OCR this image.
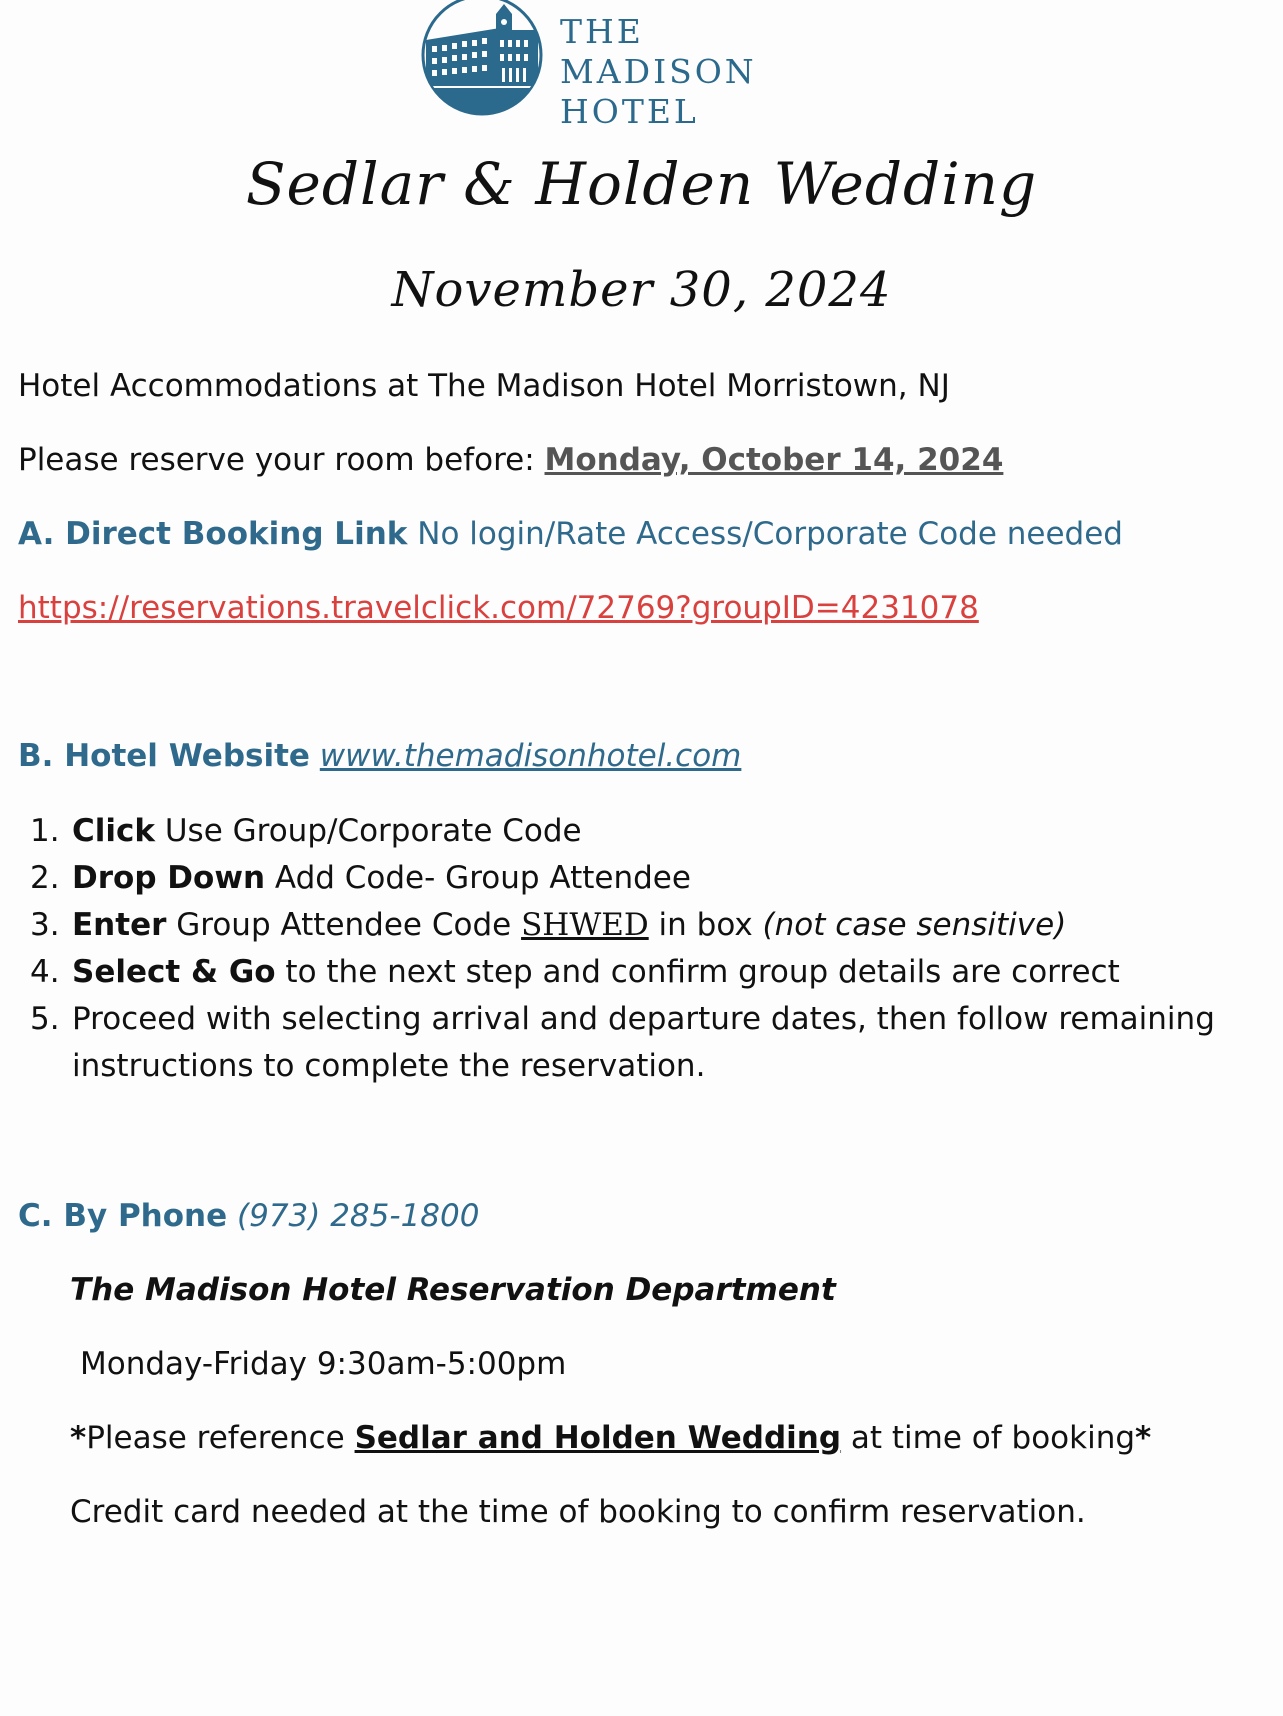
THE MADISON
HOTEL
Sedlar & Holden Wedding
November 30, 2024
Hotel Accommodations at The Madison Hotel Morristown, NJ
Please reserve your room before: Monday, October 14, 2024
A. Direct Booking Link No login/Rate Access/Corporate Code needed
https://reservations.travelclick.com/72769?groupID=4231078
B. Hotel Website www.themadisonhotel.com
1. Click Use Group/Corporate Code
2. Drop Down Add Code- Group Attendee
3. Enter Group Attendee Code SHWED in box (not case sensitive)
4. Select & Go to the next step and confirm group details are correct
5. Proceed with selecting arrival and departure dates, then follow remaining instructions to complete the reservation.
C. By Phone (973) 285-1800
The Madison Hotel Reservation Department
Monday-Friday 9:30am-5:00pm
*Please reference Sedlar and Holden Wedding at time of booking*
Credit card needed at the time of booking to confirm reservation.
